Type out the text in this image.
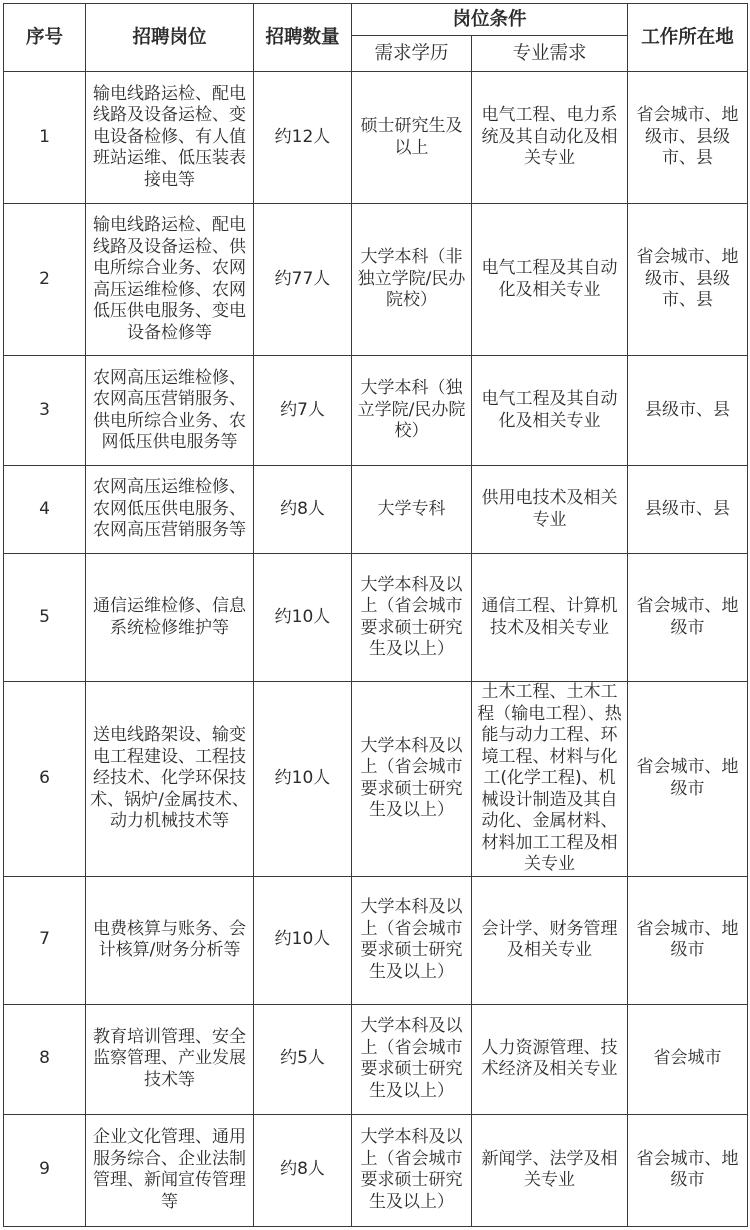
序号	招聘岗位	招聘数量	岗位条件		工作所在地
			需求学历	专业需求	
1	输电线路运检、配电线路及设备运检、变电设备检修、有人值班站运维、低压装表接电等	约12人	硕士研究生及以上	电气工程、电力系统及其自动化及相关专业	省会城市、地级市、县级市、县
2	输电线路运检、配电线路及设备运检、供电所综合业务、农网高压运维检修、农网低压供电服务、变电设备检修等	约77人	大学本科（非独立学院/民办院校）	电气工程及其自动化及相关专业	省会城市、地级市、县级市、县
3	农网高压运维检修、农网高压营销服务、供电所综合业务、农网低压供电服务等	约7人	大学本科（独立学院/民办院校）	电气工程及其自动化及相关专业	县级市、县
4	农网高压运维检修、农网低压供电服务、农网高压营销服务等	约8人	大学专科	供用电技术及相关专业	县级市、县
5	通信运维检修、信息系统检修维护等	约10人	大学本科及以上（省会城市要求硕士研究生及以上）	通信工程、计算机技术及相关专业	省会城市、地级市
6	送电线路架设、输变电工程建设、工程技经技术、化学环保技术、锅炉/金属技术、动力机械技术等	约10人	大学本科及以上（省会城市要求硕士研究生及以上）	土木工程、土木工程（输电工程）、热能与动力工程、环境工程、材料与化工(化学工程)、机械设计制造及其自动化、金属材料、材料加工工程及相关专业	省会城市、地级市
7	电费核算与账务、会计核算/财务分析等	约10人	大学本科及以上（省会城市要求硕士研究生及以上）	会计学、财务管理及相关专业	省会城市、地级市
8	教育培训管理、安全监察管理、产业发展技术等	约5人	大学本科及以上（省会城市要求硕士研究生及以上）	人力资源管理、技术经济及相关专业	省会城市
9	企业文化管理、通用服务综合、企业法制管理、新闻宣传管理等	约8人	大学本科及以上（省会城市要求硕士研究生及以上）	新闻学、法学及相关专业	省会城市、地级市
